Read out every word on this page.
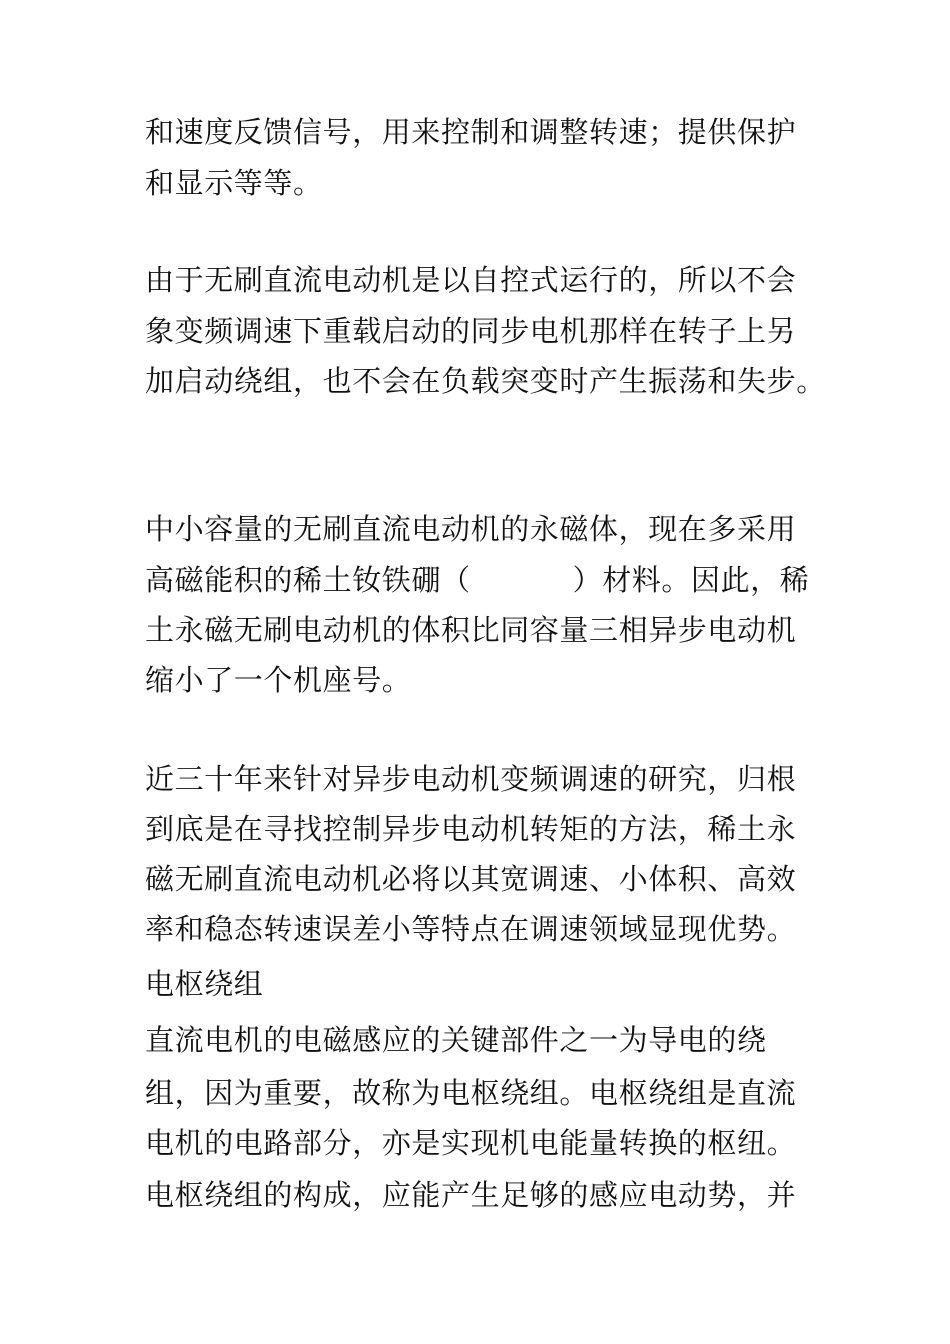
和速度反馈信号，用来控制和调整转速；提供保护
和显示等等。
由于无刷直流电动机是以自控式运行的，所以不会
象变频调速下重载启动的同步电机那样在转子上另
加启动绕组，也不会在负载突变时产生振荡和失步。
中小容量的无刷直流电动机的永磁体，现在多采用
高磁能积的稀土钕铁硼（	）材料。因此，稀
土永磁无刷电动机的体积比同容量三相异步电动机
缩小了一个机座号。
近三十年来针对异步电动机变频调速的研究，归根
到底是在寻找控制异步电动机转矩的方法，稀土永
磁无刷直流电动机必将以其宽调速、小体积、高效
率和稳态转速误差小等特点在调速领域显现优势。
电枢绕组
直流电机的电磁感应的关键部件之一为导电的绕
组，因为重要，故称为电枢绕组。电枢绕组是直流
电机的电路部分，亦是实现机电能量转换的枢纽。
电枢绕组的构成，应能产生足够的感应电动势，并
